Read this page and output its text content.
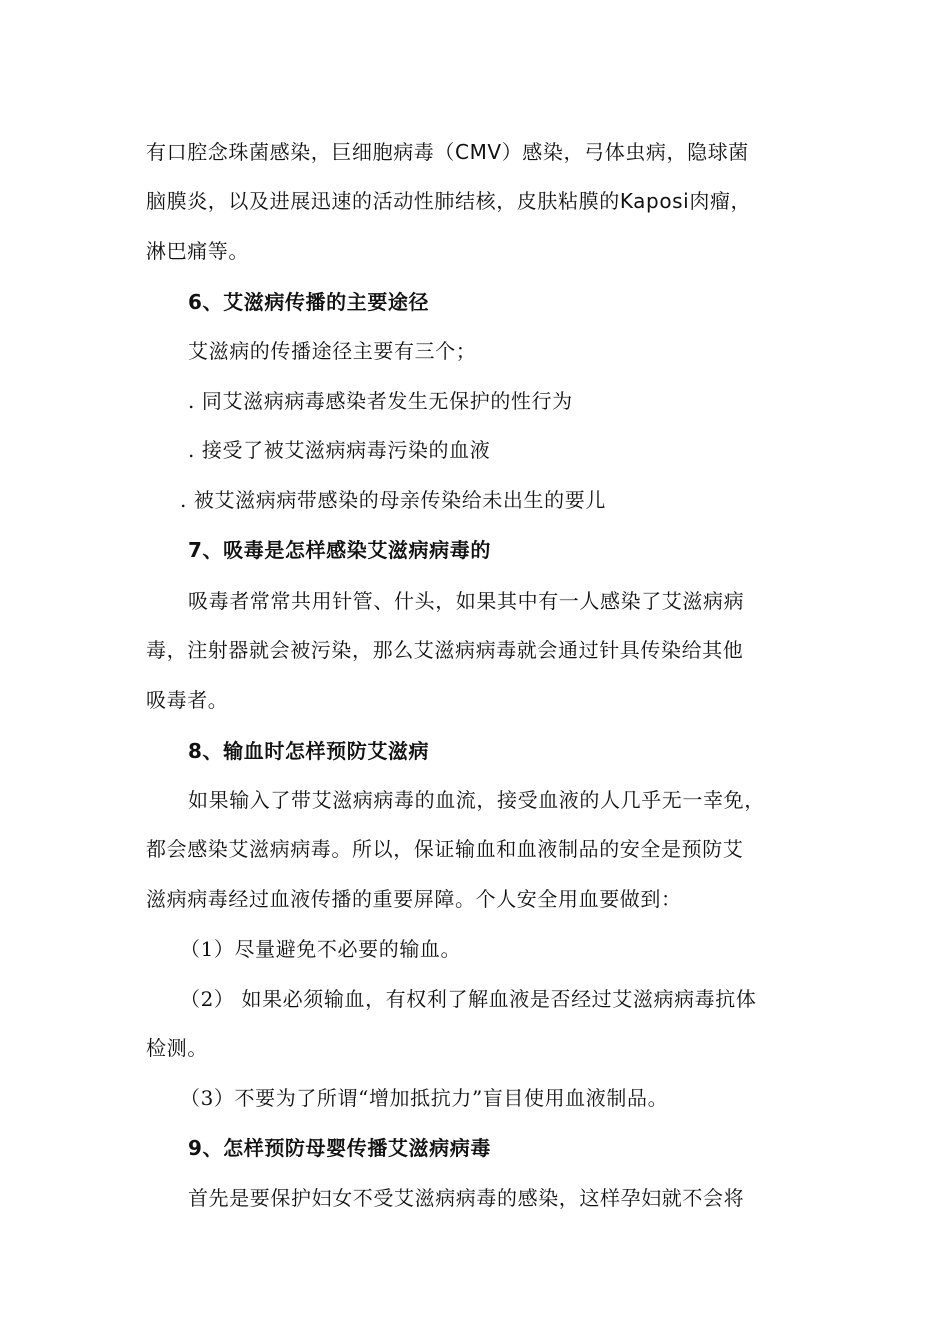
有口腔念珠菌感染，巨细胞病毒（CMV）感染，弓体虫病，隐球菌
脑膜炎，以及进展迅速的活动性肺结核，皮肤粘膜的Kaposi肉瘤，
淋巴痛等。
6、艾滋病传播的主要途径
艾滋病的传播途径主要有三个；
. 同艾滋病病毒感染者发生无保护的性行为
. 接受了被艾滋病病毒污染的血液
. 被艾滋病病带感染的母亲传染给未出生的要儿
7、吸毒是怎样感染艾滋病病毒的
吸毒者常常共用针管、什头，如果其中有一人感染了艾滋病病
毒，注射器就会被污染，那么艾滋病病毒就会通过针具传染给其他
吸毒者。
8、输血时怎样预防艾滋病
如果输入了带艾滋病病毒的血流，接受血液的人几乎无一幸免，
都会感染艾滋病病毒。所以，保证输血和血液制品的安全是预防艾
滋病病毒经过血液传播的重要屏障。个人安全用血要做到：
（1）尽量避免不必要的输血。
（2） 如果必须输血，有权利了解血液是否经过艾滋病病毒抗体
检测。
（3）不要为了所谓“增加抵抗力”盲目使用血液制品。
9、怎样预防母婴传播艾滋病病毒
首先是要保护妇女不受艾滋病病毒的感染，这样孕妇就不会将
